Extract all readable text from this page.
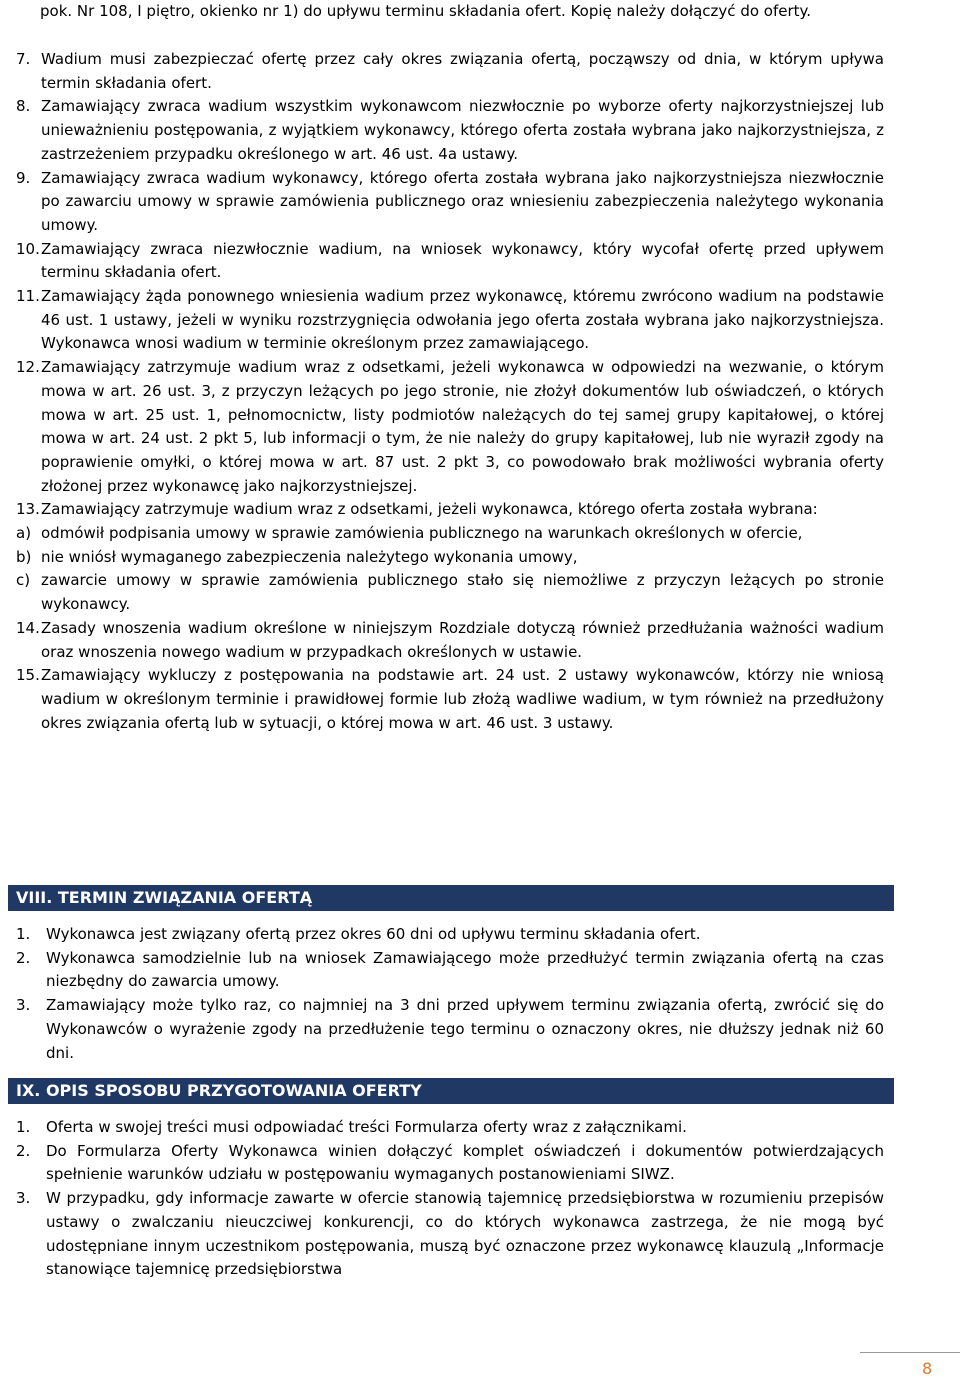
pok. Nr 108, I piętro, okienko nr 1) do upływu terminu składania ofert. Kopię należy dołączyć do oferty.

7. Wadium musi zabezpieczać ofertę przez cały okres związania ofertą, począwszy od dnia, w którym upływa termin składania ofert.
8. Zamawiający zwraca wadium wszystkim wykonawcom niezwłocznie po wyborze oferty najkorzystniejszej lub unieważnieniu postępowania, z wyjątkiem wykonawcy, którego oferta została wybrana jako najkorzystniejsza, z zastrzeżeniem przypadku określonego w art. 46 ust. 4a ustawy.
9. Zamawiający zwraca wadium wykonawcy, którego oferta została wybrana jako najkorzystniejsza niezwłocznie po zawarciu umowy w sprawie zamówienia publicznego oraz wniesieniu zabezpieczenia należytego wykonania umowy.
10. Zamawiający zwraca niezwłocznie wadium, na wniosek wykonawcy, który wycofał ofertę przed upływem terminu składania ofert.
11. Zamawiający żąda ponownego wniesienia wadium przez wykonawcę, któremu zwrócono wadium na podstawie 46 ust. 1 ustawy, jeżeli w wyniku rozstrzygnięcia odwołania jego oferta została wybrana jako najkorzystniejsza. Wykonawca wnosi wadium w terminie określonym przez zamawiającego.
12. Zamawiający zatrzymuje wadium wraz z odsetkami, jeżeli wykonawca w odpowiedzi na wezwanie, o którym mowa w art. 26 ust. 3, z przyczyn leżących po jego stronie, nie złożył dokumentów lub oświadczeń, o których mowa w art. 25 ust. 1, pełnomocnictw, listy podmiotów należących do tej samej grupy kapitałowej, o której mowa w art. 24 ust. 2 pkt 5, lub informacji o tym, że nie należy do grupy kapitałowej, lub nie wyraził zgody na poprawienie omyłki, o której mowa w art. 87 ust. 2 pkt 3, co powodowało brak możliwości wybrania oferty złożonej przez wykonawcę jako najkorzystniejszej.
13. Zamawiający zatrzymuje wadium wraz z odsetkami, jeżeli wykonawca, którego oferta została wybrana:
a) odmówił podpisania umowy w sprawie zamówienia publicznego na warunkach określonych w ofercie,
b) nie wniósł wymaganego zabezpieczenia należytego wykonania umowy,
c) zawarcie umowy w sprawie zamówienia publicznego stało się niemożliwe z przyczyn leżących po stronie wykonawcy.
14. Zasady wnoszenia wadium określone w niniejszym Rozdziale dotyczą również przedłużania ważności wadium oraz wnoszenia nowego wadium w przypadkach określonych w ustawie.
15. Zamawiający wykluczy z postępowania na podstawie art. 24 ust. 2 ustawy wykonawców, którzy nie wniosą wadium w określonym terminie i prawidłowej formie lub złożą wadliwe wadium, w tym również na przedłużony okres związania ofertą lub w sytuacji, o której mowa w art. 46 ust. 3 ustawy.
VIII. TERMIN ZWIĄZANIA OFERTĄ
1.	Wykonawca jest związany ofertą przez okres 60 dni od upływu terminu składania ofert.
2.	Wykonawca samodzielnie lub na wniosek Zamawiającego może przedłużyć termin związania ofertą na czas niezbędny do zawarcia umowy.
3.	Zamawiający może tylko raz, co najmniej na 3 dni przed upływem terminu związania ofertą, zwrócić się do Wykonawców o wyrażenie zgody na przedłużenie tego terminu o oznaczony okres, nie dłuższy jednak niż 60 dni.
IX. OPIS SPOSOBU PRZYGOTOWANIA OFERTY
1.	Oferta w swojej treści musi odpowiadać treści Formularza oferty wraz z załącznikami.
2.	Do Formularza Oferty Wykonawca winien dołączyć komplet oświadczeń i dokumentów potwierdzających spełnienie warunków udziału w postępowaniu wymaganych postanowieniami SIWZ.
3.	W przypadku, gdy informacje zawarte w ofercie stanowią tajemnicę przedsiębiorstwa w rozumieniu przepisów ustawy o zwalczaniu nieuczciwej konkurencji, co do których wykonawca zastrzega, że nie mogą być udostępniane innym uczestnikom postępowania, muszą być oznaczone przez wykonawcę klauzulą „Informacje stanowiące tajemnicę przedsiębiorstwa
8
